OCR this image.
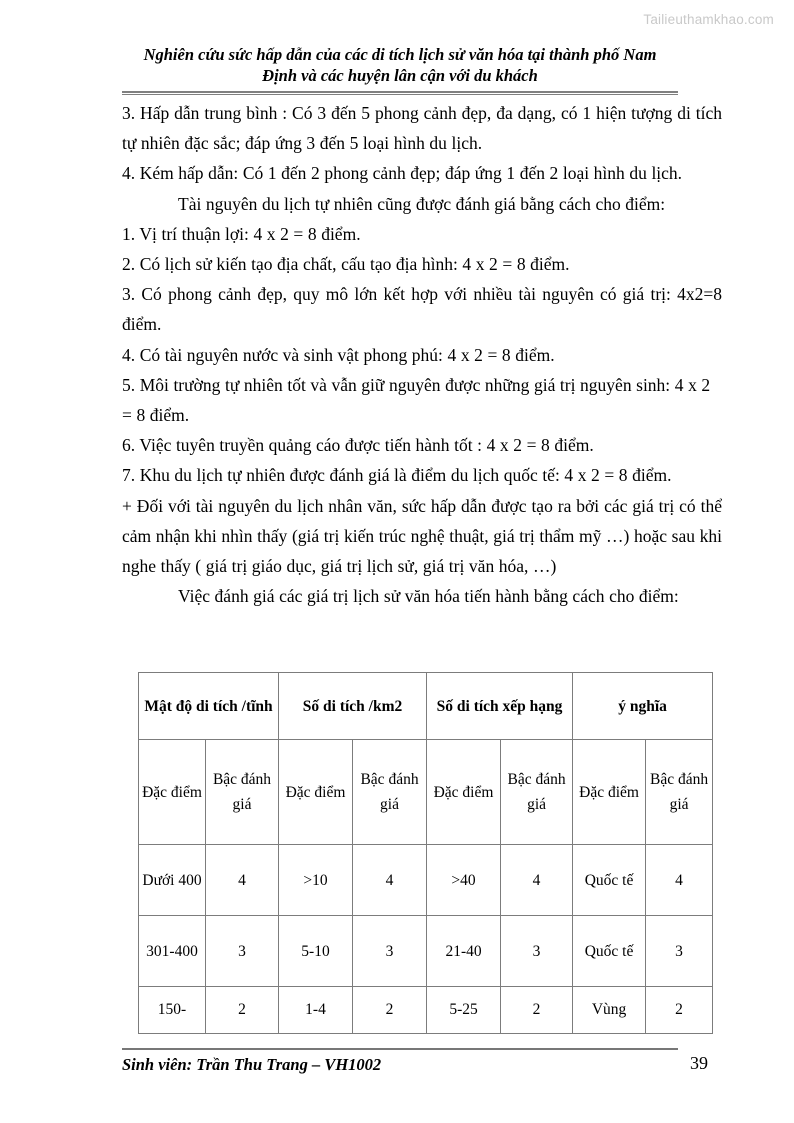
Tailieuthamkhao.com
Nghiên cứu sức hấp dẫn của các di tích lịch sử văn hóa tại thành phố Nam
Định và các huyện lân cận với du khách

3. Hấp dẫn trung bình : Có 3 đến 5 phong cảnh đẹp, đa dạng, có 1 hiện tượng di tích tự nhiên đặc sắc; đáp ứng 3 đến 5 loại hình du lịch.

4. Kém hấp dẫn: Có 1 đến 2 phong cảnh đẹp; đáp ứng 1 đến 2 loại hình du lịch.

Tài nguyên du lịch tự nhiên cũng được đánh giá bằng cách cho điểm:

1. Vị trí thuận lợi: 4 x 2 = 8 điểm.

2. Có lịch sử kiến tạo địa chất, cấu tạo địa hình: 4 x 2 = 8 điểm.

3. Có phong cảnh đẹp, quy mô lớn kết hợp với nhiều tài nguyên có giá trị: 4x2=8 điểm.

4. Có tài nguyên nước và sinh vật phong phú: 4 x 2 = 8 điểm.

5. Môi trường tự nhiên tốt và vẫn giữ nguyên được những giá trị nguyên sinh: 4 x 2 = 8 điểm.

6. Việc tuyên truyền quảng cáo được tiến hành tốt : 4 x 2 = 8 điểm.

7. Khu du lịch tự nhiên được đánh giá là điểm du lịch quốc tế: 4 x 2 = 8 điểm.

+ Đối với tài nguyên du lịch nhân văn, sức hấp dẫn được tạo ra bởi các giá trị có thể cảm nhận khi nhìn thấy (giá trị kiến trúc nghệ thuật, giá trị thẩm mỹ …) hoặc sau khi nghe thấy ( giá trị giáo dục, giá trị lịch sử, giá trị văn hóa, …)

Việc đánh giá các giá trị lịch sử văn hóa tiến hành bằng cách cho điểm:

Mật độ di tích /tĩnh		Số di tích /km2		Số di tích xếp hạng		ý nghĩa	
Đặc điểm	Bậc đánh giá	Đặc điểm	Bậc đánh giá	Đặc điểm	Bậc đánh giá	Đặc điểm	Bậc đánh giá
Dưới 400	4	>10	4	>40	4	Quốc tế	4
301-400	3	5-10	3	21-40	3	Quốc tế	3
150-	2	1-4	2	5-25	2	Vùng	2
Sinh viên: Trần Thu Trang – VH1002	39
